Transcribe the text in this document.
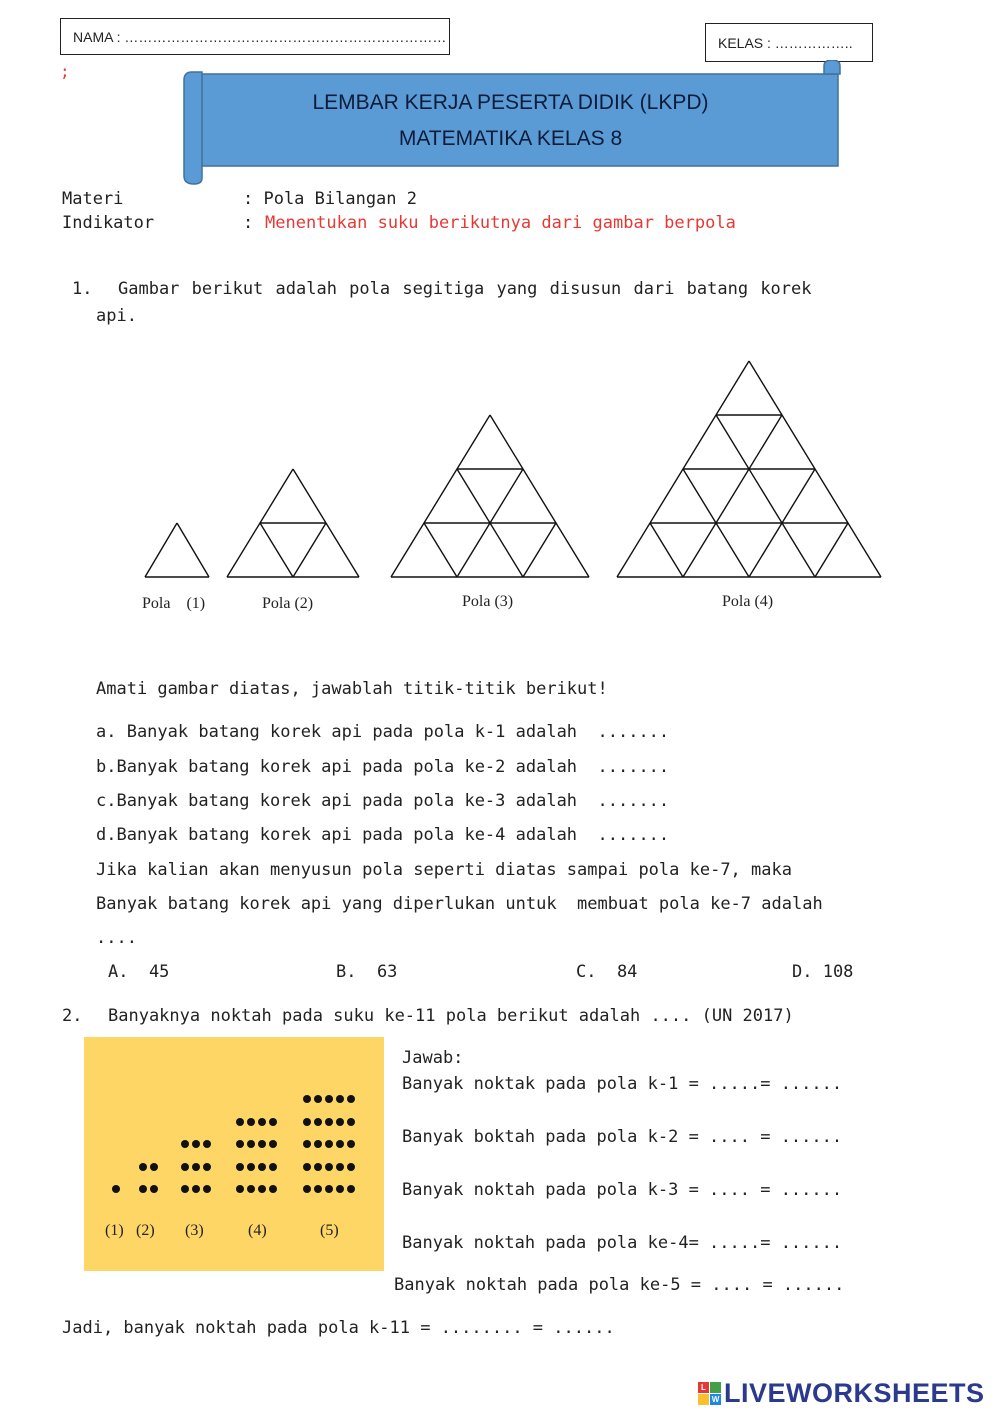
NAMA : ……………………………………………………………	KELAS : ……………..
;
LEMBAR KERJA PESERTA DIDIK (LKPD)
MATEMATIKA KELAS 8
Materi	: Pola Bilangan 2
Indikator	: Menentukan suku berikutnya dari gambar berpola
1. Gambar berikut adalah pola segitiga yang disusun dari batang korek
api.
Pola    (1)	Pola (2)	Pola (3)	Pola (4)
Amati gambar diatas, jawablah titik-titik berikut!
a. Banyak batang korek api pada pola k-1 adalah  .......
b.Banyak batang korek api pada pola ke-2 adalah  .......
c.Banyak batang korek api pada pola ke-3 adalah  .......
d.Banyak batang korek api pada pola ke-4 adalah  .......
Jika kalian akan menyusun pola seperti diatas sampai pola ke-7, maka
Banyak batang korek api yang diperlukan untuk  membuat pola ke-7 adalah
....
A.  45	B.  63	C.  84	D. 108
2. Banyaknya noktah pada suku ke-11 pola berikut adalah .... (UN 2017)
(1) (2) (3)	(4)	(5)
Jawab:
Banyak noktak pada pola k-1 = .....= ......
Banyak boktah pada pola k-2 = .... = ......
Banyak noktah pada pola k-3 = .... = ......
Banyak noktah pada pola ke-4= .....= ......
Banyak noktah pada pola ke-5 = .... = ......
Jadi, banyak noktah pada pola k-11 = ........ = ......
L
W LIVEWORKSHEETS
